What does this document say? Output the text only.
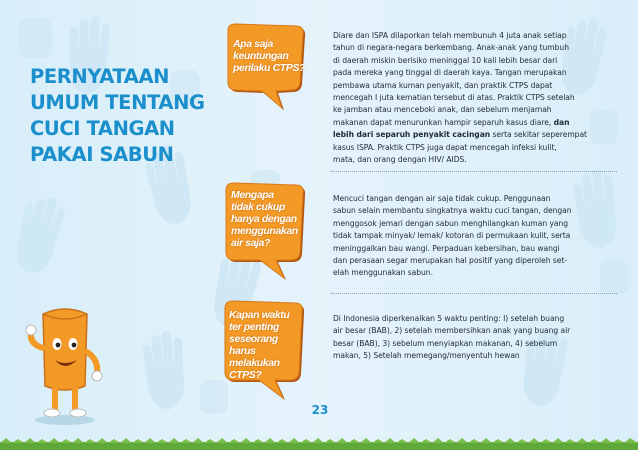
PERNYATAAN
UMUM TENTANG
CUCI TANGAN
PAKAI SABUN

Apa saja
keuntungan
perilaku CTPS?

Mengapa
tidak cukup
hanya dengan
menggunakan
air saja?

Kapan waktu
ter penting
seseorang harus
melakukan
CTPS?

Diare dan ISPA dilaporkan telah membunuh 4 juta anak setiap
tahun di negara-negara berkembang. Anak-anak yang tumbuh
di daerah miskin berisiko meninggal 10 kali lebih besar dari
pada mereka yang tinggal di daerah kaya. Tangan merupakan
pembawa utama kuman penyakit, dan praktik CTPS dapat
mencegah I juta kematian tersebut di atas. Praktik CTPS setelah
ke jamban atau menceboki anak, dan sebelum menjamah
makanan dapat menurunkan hampir separuh kasus diare, dan
lebih dari separuh penyakit cacingan serta sekitar seperempat
kasus ISPA. Praktik CTPS juga dapat mencegah infeksi kulit,
mata, dan orang dengan HIV/ AIDS.
Mencuci tangan dengan air saja tidak cukup. Penggunaan
sabun selain membantu singkatnya waktu cuci tangan, dengan
menggosok jemari dengan sabun menghilangkan kuman yang
tidak tampak minyak/ lemak/ kotoran di permukaan kulit, serta
meninggalkan bau wangi. Perpaduan kebersihan, bau wangi
dan perasaan segar merupakan hal positif yang diperoleh set-
elah menggunakan sabun.
Di Indonesia diperkenalkan 5 waktu penting: I) setelah buang
air besar (BAB), 2) setelah membersihkan anak yang buang air
besar (BAB), 3) sebelum menyiapkan makanan, 4) sebelum
makan, 5) Setelah memegang/menyentuh hewan

23
